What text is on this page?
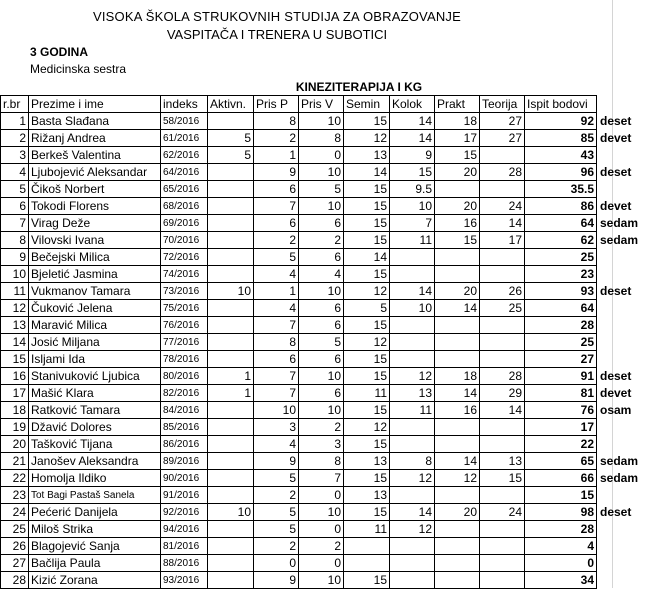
VISOKA ŠKOLA STRUKOVNIH STUDIJA ZA OBRAZOVANJE
VASPITAČA I TRENERA U SUBOTICI
3 GODINA
Medicinska sestra
KINEZITERAPIJA I KG
r.br	Prezime i ime	indeks	Aktivn.	Pris P	Pris V	Semin	Kolok	Prakt	Teorija	Ispit bodovi	
1	Basta Slađana	58/2016		8	10	15	14	18	27	92	deset
2	Rižanj Andrea	61/2016	5	2	8	12	14	17	27	85	devet
3	Berkeš Valentina	62/2016	5	1	0	13	9	15		43	
4	Ljubojević Aleksandar	64/2016		9	10	14	15	20	28	96	deset
5	Čikoš Norbert	65/2016		6	5	15	9.5			35.5	
6	Tokodi Florens	68/2016		7	10	15	10	20	24	86	devet
7	Virag Deže	69/2016		6	6	15	7	16	14	64	sedam
8	Vilovski Ivana	70/2016		2	2	15	11	15	17	62	sedam
9	Bečejski Milica	72/2016		5	6	14				25	
10	Bjeletić Jasmina	74/2016		4	4	15				23	
11	Vukmanov Tamara	73/2016	10	1	10	12	14	20	26	93	deset
12	Čuković Jelena	75/2016		4	6	5	10	14	25	64	
13	Maravić Milica	76/2016		7	6	15				28	
14	Josić Miljana	77/2016		8	5	12				25	
15	Isljami Ida	78/2016		6	6	15				27	
16	Stanivuković Ljubica	80/2016	1	7	10	15	12	18	28	91	deset
17	Mašić Klara	82/2016	1	7	6	11	13	14	29	81	devet
18	Ratković Tamara	84/2016		10	10	15	11	16	14	76	osam
19	Džavić Dolores	85/2016		3	2	12				17	
20	Tašković Tijana	86/2016		4	3	15				22	
21	Janošev Aleksandra	89/2016		9	8	13	8	14	13	65	sedam
22	Homolja Ildiko	90/2016		5	7	15	12	12	15	66	sedam
23	Tot Bagi Pastaš Sanela	91/2016		2	0	13				15	
24	Pećerić Danijela	92/2016	10	5	10	15	14	20	24	98	deset
25	Miloš Strika	94/2016		5	0	11	12			28	
26	Blagojević Sanja	81/2016		2	2					4	
27	Bačlija Paula	88/2016		0	0					0	
28	Kizić Zorana	93/2016		9	10	15				34	
